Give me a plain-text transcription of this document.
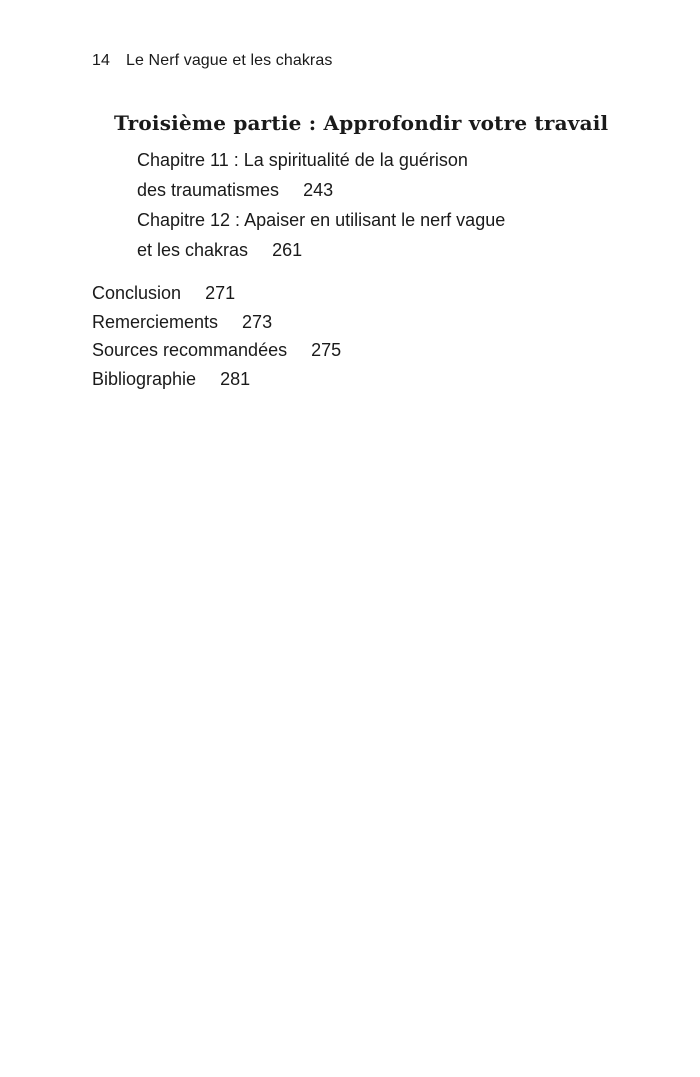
14 Le Nerf vague et les chakras
Troisième partie : Approfondir votre travail
Chapitre 11 : La spiritualité de la guérison
des traumatismes 243
Chapitre 12 : Apaiser en utilisant le nerf vague
et les chakras 261
Conclusion 271
Remerciements 273
Sources recommandées 275
Bibliographie 281
